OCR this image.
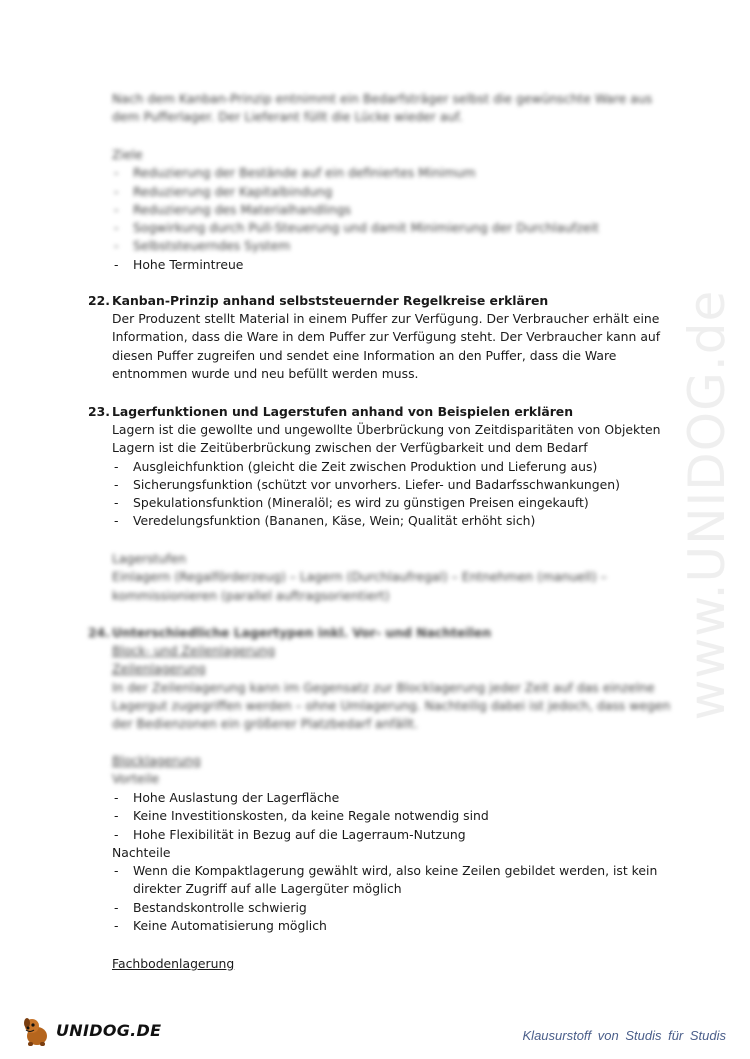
www.UNIDOG.de
Nach dem Kanban-Prinzip entnimmt ein Bedarfsträger selbst die gewünschte Ware aus
dem Pufferlager. Der Lieferant füllt die Lücke wieder auf.
Ziele
- Reduzierung der Bestände auf ein definiertes Minimum
- Reduzierung der Kapitalbindung
- Reduzierung des Materialhandlings
- Sogwirkung durch Pull-Steuerung und damit Minimierung der Durchlaufzeit
- Selbststeuerndes System
- Hohe Termintreue
22. Kanban-Prinzip anhand selbststeuernder Regelkreise erklären
Der Produzent stellt Material in einem Puffer zur Verfügung. Der Verbraucher erhält eine
Information, dass die Ware in dem Puffer zur Verfügung steht. Der Verbraucher kann auf
diesen Puffer zugreifen und sendet eine Information an den Puffer, dass die Ware
entnommen wurde und neu befüllt werden muss.
23. Lagerfunktionen und Lagerstufen anhand von Beispielen erklären
Lagern ist die gewollte und ungewollte Überbrückung von Zeitdisparitäten von Objekten
Lagern ist die Zeitüberbrückung zwischen der Verfügbarkeit und dem Bedarf
- Ausgleichfunktion (gleicht die Zeit zwischen Produktion und Lieferung aus)
- Sicherungsfunktion (schützt vor unvorhers. Liefer- und Badarfsschwankungen)
- Spekulationsfunktion (Mineralöl; es wird zu günstigen Preisen eingekauft)
- Veredelungsfunktion (Bananen, Käse, Wein; Qualität erhöht sich)
Lagerstufen
Einlagern (Regalförderzeug) – Lagern (Durchlaufregal) – Entnehmen (manuell) –
kommissionieren (parallel auftragsorientiert)
24. Unterschiedliche Lagertypen inkl. Vor- und Nachteilen
Block- und Zeilenlagerung
Zeilenlagerung
In der Zeilenlagerung kann im Gegensatz zur Blocklagerung jeder Zeit auf das einzelne
Lagergut zugegriffen werden – ohne Umlagerung. Nachteilig dabei ist jedoch, dass wegen
der Bedienzonen ein größerer Platzbedarf anfällt.
Blocklagerung
Vorteile
- Hohe Auslastung der Lagerfläche
- Keine Investitionskosten, da keine Regale notwendig sind
- Hohe Flexibilität in Bezug auf die Lagerraum-Nutzung
Nachteile
- Wenn die Kompaktlagerung gewählt wird, also keine Zeilen gebildet werden, ist kein
direkter Zugriff auf alle Lagergüter möglich
- Bestandskontrolle schwierig
- Keine Automatisierung möglich
Fachbodenlagerung
UNIDOG.DE	Klausurstoff von Studis für Studis
